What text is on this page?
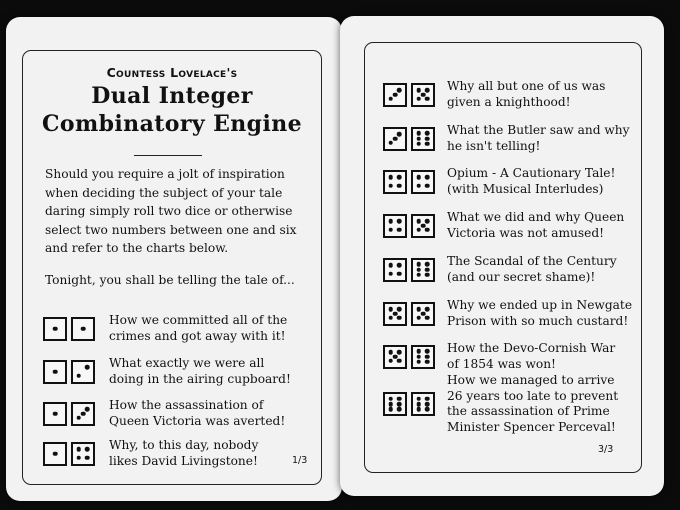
Countess Lovelace's
Dual Integer
Combinatory Engine

Should you require a jolt of inspiration when deciding the subject of your tale daring simply roll two dice or otherwise select two numbers between one and six and refer to the charts below.

Tonight, you shall be telling the tale of...

How we committed all of the
crimes and got away with it!
What exactly we were all
doing in the airing cupboard!
How the assassination of
Queen Victoria was averted!
Why, to this day, nobody
likes David Livingstone!	1/3
Why all but one of us was
given a knighthood!
What the Butler saw and why
he isn't telling!
Opium - A Cautionary Tale!
(with Musical Interludes)
What we did and why Queen
Victoria was not amused!
The Scandal of the Century
(and our secret shame)!
Why we ended up in Newgate
Prison with so much custard!
How the Devo-Cornish War
of 1854 was won!
How we managed to arrive
26 years too late to prevent
the assassination of Prime
Minister Spencer Perceval!
3/3
